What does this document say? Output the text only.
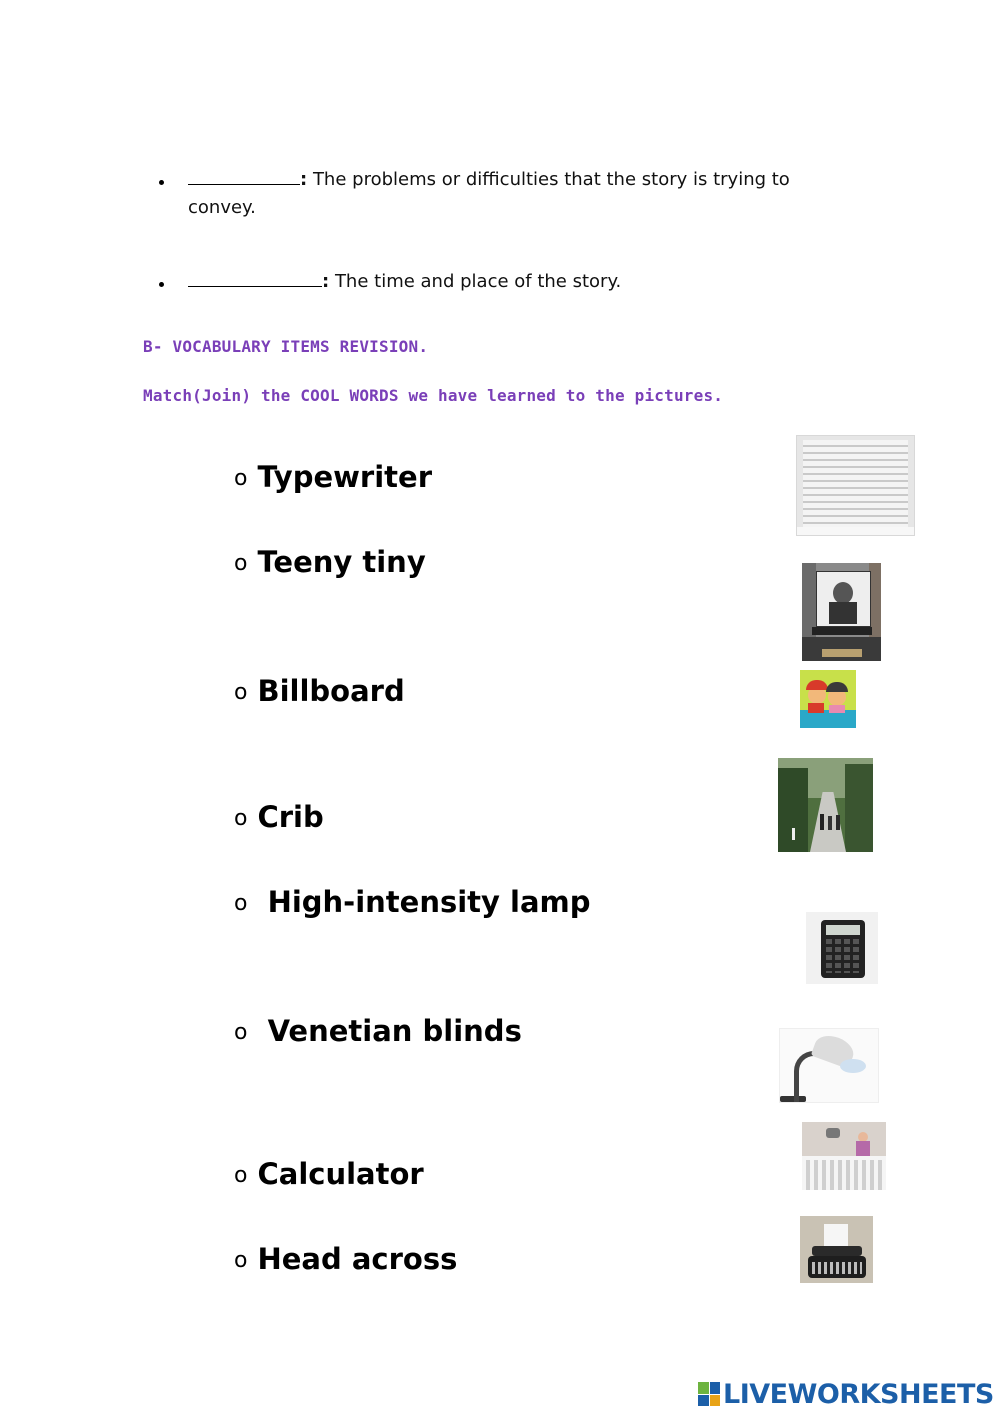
: The problems or difficulties that the story is trying to
convey.
: The time and place of the story.
B- VOCABULARY ITEMS REVISION.
Match(Join) the COOL WORDS we have learned to the pictures.
o Typewriter
o Teeny tiny
o Billboard
o Crib
o High-intensity lamp
o Venetian blinds
o Calculator
o Head across
LIVEWORKSHEETS
